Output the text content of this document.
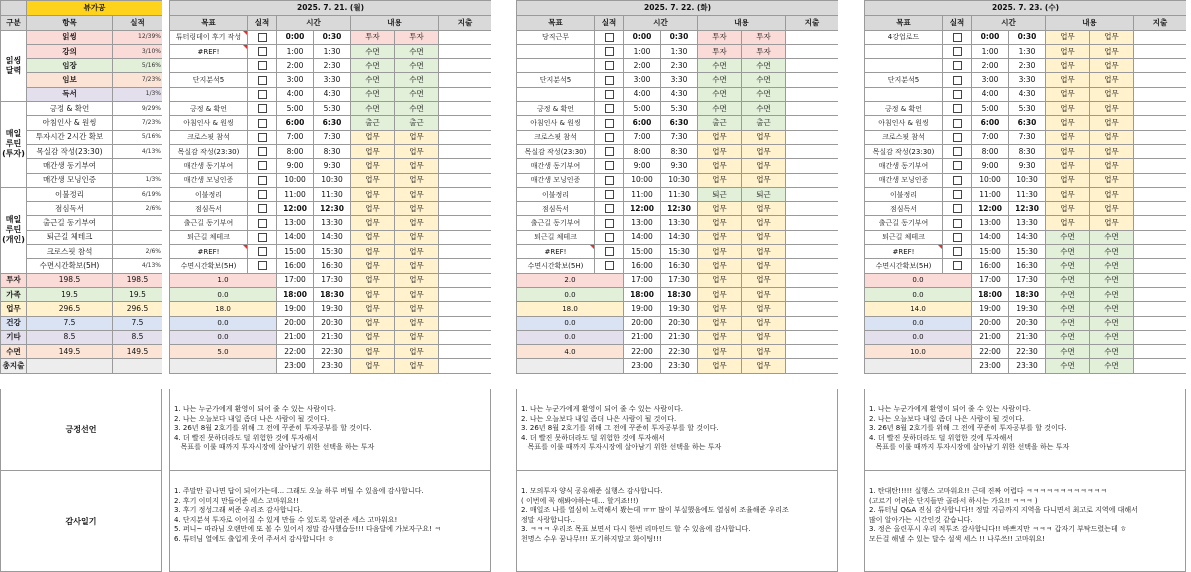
	뷰가공	
구분	항목	실적
읽씽
달력	읽씽	12/39%
	강의	3/10%
	임장	5/16%
	임보	7/23%
	독서	1/3%
매일
루틴
(투자)	긍정 & 확언	9/29%
	아침인사 & 원씽	7/23%
	투자시간 2시간 확보	5/16%
	목실감 작성(23:30)	4/13%
	매간생 동기부여	
	매간생 모닝인증	1/3%
매일
루틴
(개인)	이불정리	6/19%
	점심독서	2/6%
	출근길 동기부여	
	퇴근길 체테크	
	크로스핏 참석	2/6%
	수면시간확보(5H)	4/13%
투자	198.5	198.5
가족	19.5	19.5
업무	296.5	296.5
건강	7.5	7.5
기타	8.5	8.5
수면	149.5	149.5
총지출		
2025. 7. 21. (월)						
목표	실적	시간		내용		지출
튜터링데이 후기 작성		0:00	0:30	투자	투자	
#REF!		1:00	1:30	수면	수면	
		2:00	2:30	수면	수면	
단지분석5		3:00	3:30	수면	수면	
		4:00	4:30	수면	수면	
긍정 & 확언		5:00	5:30	수면	수면	
아침인사 & 원씽		6:00	6:30	출근	출근	
크로스핏 참석		7:00	7:30	업무	업무	
목실감 작성(23:30)		8:00	8:30	업무	업무	
매간생 동기부여		9:00	9:30	업무	업무	
매간생 모닝인증		10:00	10:30	업무	업무	
이불정리		11:00	11:30	업무	업무	
점심독서		12:00	12:30	업무	업무	
출근길 동기부여		13:00	13:30	업무	업무	
퇴근길 체테크		14:00	14:30	업무	업무	
#REF!		15:00	15:30	업무	업무	
수면시간확보(5H)		16:00	16:30	업무	업무	
1.0		17:00	17:30	업무	업무	
0.0		18:00	18:30	업무	업무	
18.0		19:00	19:30	업무	업무	
0.0		20:00	20:30	업무	업무	
0.0		21:00	21:30	업무	업무	
5.0		22:00	22:30	업무	업무	
		23:00	23:30	업무	업무	
1. 나는 누군가에게 환영이 되어 줄 수 있는 사람이다.
2. 나는 오늘보다 내일 좀더 나은 사람이 될 것이다.
3. 26년 8월 2호기를 위해 그 전에 꾸준히 투자공부를 할 것이다.
4. 더 빨진 못하더라도 덜 위험한 것에 투자해서
목표를 이룰 때까지 투자시장에 살아남기 위한 선택을 하는 투자
1. 주말만 끝나면 답이 되어가는데... 그래도 오늘 하루 버틸 수 있음에 감사합니다.
2. 후기 이미지 만들어준 세스 고마워요!!
3. 후기 정성그래 써준 우리조 감사합니다.
4. 단지분석 투자로 이어질 수 있게 만들 수 있도록 알려준 세스 고마워요!
5. 퍼니~ 따라님 오랜만에 또 볼 수 있어서 정말 감사했습등!!! 다음달에 가보자구요! ㅋ
6. 튜터님 열에도 출입게 웃어 주셔서 감사합니다! ㅎ
2025. 7. 22. (화)						
목표	실적	시간		내용		지출
당직근무		0:00	0:30	투자	투자	
		1:00	1:30	투자	투자	
		2:00	2:30	수면	수면	
단지분석5		3:00	3:30	수면	수면	
		4:00	4:30	수면	수면	
긍정 & 확언		5:00	5:30	수면	수면	
아침인사 & 원씽		6:00	6:30	출근	출근	
크로스핏 참석		7:00	7:30	업무	업무	
목실감 작성(23:30)		8:00	8:30	업무	업무	
매간생 동기부여		9:00	9:30	업무	업무	
매간생 모닝인증		10:00	10:30	업무	업무	
이불정리		11:00	11:30	퇴근	퇴근	
점심독서		12:00	12:30	업무	업무	
출근길 동기부여		13:00	13:30	업무	업무	
퇴근길 체테크		14:00	14:30	업무	업무	
#REF!		15:00	15:30	업무	업무	
수면시간확보(5H)		16:00	16:30	업무	업무	
2.0		17:00	17:30	업무	업무	
0.0		18:00	18:30	업무	업무	
18.0		19:00	19:30	업무	업무	
0.0		20:00	20:30	업무	업무	
0.0		21:00	21:30	업무	업무	
4.0		22:00	22:30	업무	업무	
		23:00	23:30	업무	업무	
1. 나는 누군가에게 환영이 되어 줄 수 있는 사람이다.
2. 나는 오늘보다 내일 좀더 나은 사람이 될 것이다.
3. 26년 8월 2호기를 위해 그 전에 꾸준히 투자공부를 할 것이다.
4. 더 빨진 못하더라도 덜 위험한 것에 투자해서
목표를 이룰 때까지 투자시장에 살아남기 위한 선택을 하는 투자
1. 모의투자 양식 공유해준 실행스 감사합니다.
( 이번에 꼭 해봐야하는데... 할거죠!!!)
2. 매일조 나를 열심히 노력해서 봤는데 ㅠㅠ 많이 부실했음에도 열심히 조율해준 우리조
정말 사랑합니다..
3. ㅋㅋㅋ 우리조 목표 보면서 다시 한번 리마인드 할 수 있음에 감사합니다.
천명스 수우 꿈나무!!! 포기하지말고 화이팅!!!
2025. 7. 23. (수)						
목표	실적	시간		내용		지출
4강업로드		0:00	0:30	업무	업무	
		1:00	1:30	업무	업무	
		2:00	2:30	업무	업무	
단지분석5		3:00	3:30	업무	업무	
		4:00	4:30	업무	업무	
긍정 & 확언		5:00	5:30	업무	업무	
아침인사 & 원씽		6:00	6:30	업무	업무	
크로스핏 참석		7:00	7:30	업무	업무	
목실감 작성(23:30)		8:00	8:30	업무	업무	
매간생 동기부여		9:00	9:30	업무	업무	
매간생 모닝인증		10:00	10:30	업무	업무	
이불정리		11:00	11:30	업무	업무	
점심독서		12:00	12:30	업무	업무	
출근길 동기부여		13:00	13:30	업무	업무	
퇴근길 체테크		14:00	14:30	수면	수면	
#REF!		15:00	15:30	수면	수면	
수면시간확보(5H)		16:00	16:30	수면	수면	
0.0		17:00	17:30	수면	수면	
0.0		18:00	18:30	수면	수면	
14.0		19:00	19:30	수면	수면	
0.0		20:00	20:30	수면	수면	
0.0		21:00	21:30	수면	수면	
10.0		22:00	22:30	수면	수면	
		23:00	23:30	수면	수면	
1. 나는 누군가에게 환영이 되어 줄 수 있는 사람이다.
2. 나는 오늘보다 내일 좀더 나은 사람이 될 것이다.
3. 26년 8월 2호기를 위해 그 전에 꾸준히 투자공부를 할 것이다.
4. 더 빨진 못하더라도 덜 위험한 것에 투자해서
목표를 이룰 때까지 투자시장에 살아남기 위한 선택을 하는 투자
1. 탄대탄!!!!! 실행스 고마워요!! 근데 진짜 어렵다 ㅋㅋㅋㅋㅋㅋㅋㅋㅋㅋㅋㅋ
(고르기 어려운 단지들만 골라서 하시는 가요!! ㅋㅋㅋ )
2. 튜터님 Q&A 진심 감사합니다!! 정말 지금까지 지역을 다니면서 최고로 지역에 대해서
많이 알아가는 시간인것 같습니다.
3. 정은 올린푸시 우리 적투조 감사합니다!! 바쁘지만 ㅋㅋㅋ 갑자기 부탁드렸는데 ㅎ
모든걸 해낼 수 있는 달수 설색 세스 !! 나루쓰!! 고마워요!
긍정선언
감사일기
